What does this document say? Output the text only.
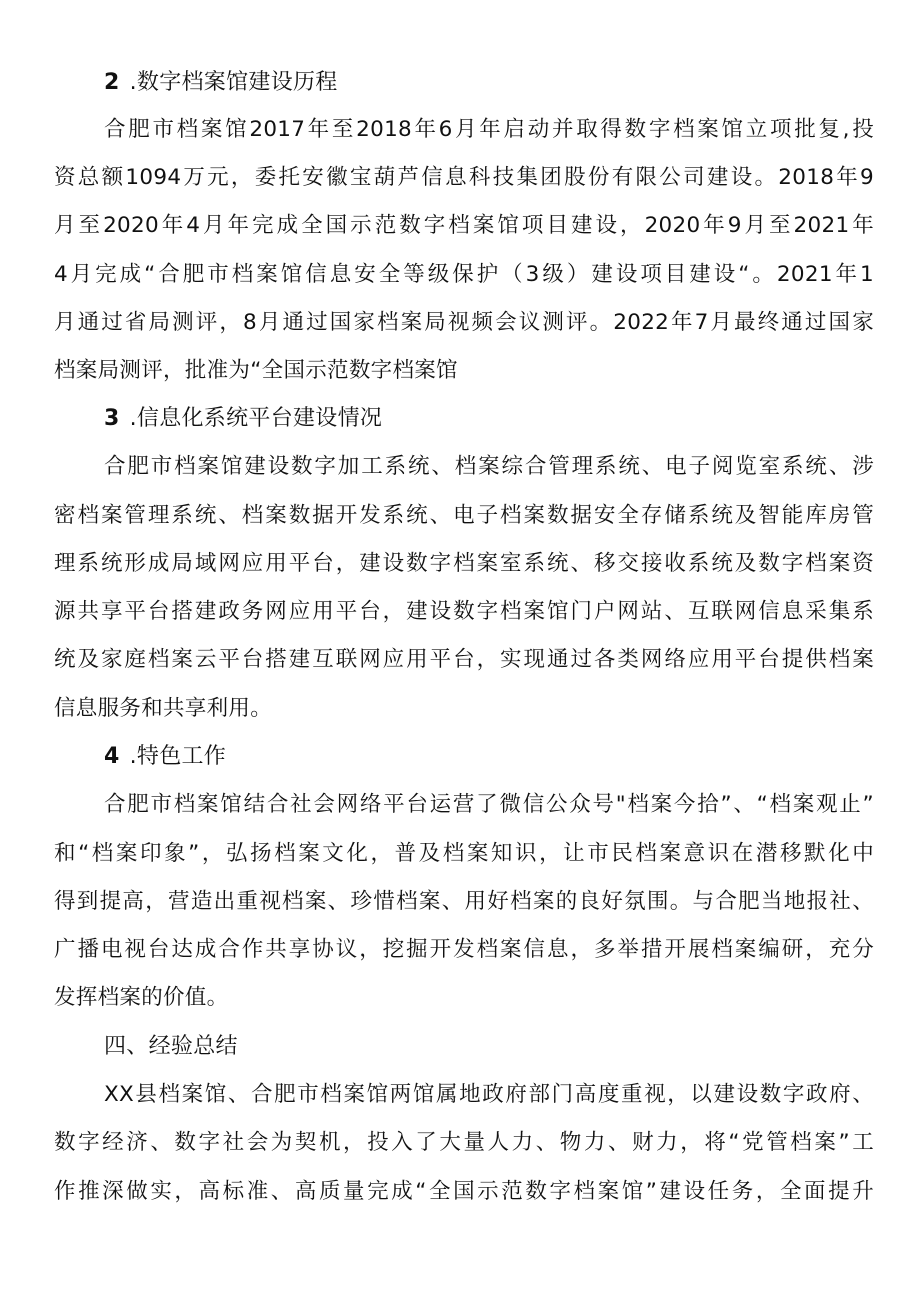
2 .数字档案馆建设历程
合肥市档案馆2017年至2018年6月年启动并取得数字档案馆立项批复,投
资总额1094万元，委托安徽宝葫芦信息科技集团股份有限公司建设。2018年9
月至2020年4月年完成全国示范数字档案馆项目建设，2020年9月至2021年
4月完成“合肥市档案馆信息安全等级保护（3级）建设项目建设“。2021年1
月通过省局测评，8月通过国家档案局视频会议测评。2022年7月最终通过国家
档案局测评，批准为“全国示范数字档案馆
3 .信息化系统平台建设情况
合肥市档案馆建设数字加工系统、档案综合管理系统、电子阅览室系统、涉
密档案管理系统、档案数据开发系统、电子档案数据安全存储系统及智能库房管
理系统形成局域网应用平台，建设数字档案室系统、移交接收系统及数字档案资
源共享平台搭建政务网应用平台，建设数字档案馆门户网站、互联网信息采集系
统及家庭档案云平台搭建互联网应用平台，实现通过各类网络应用平台提供档案
信息服务和共享利用。
4 .特色工作
合肥市档案馆结合社会网络平台运营了微信公众号"档案今拾”、“档案观止”
和“档案印象”，弘扬档案文化，普及档案知识，让市民档案意识在潜移默化中
得到提高，营造出重视档案、珍惜档案、用好档案的良好氛围。与合肥当地报社、
广播电视台达成合作共享协议，挖掘开发档案信息，多举措开展档案编研，充分
发挥档案的价值。
四、经验总结
XX县档案馆、合肥市档案馆两馆属地政府部门高度重视，以建设数字政府、
数字经济、数字社会为契机，投入了大量人力、物力、财力，将“党管档案”工
作推深做实，高标准、高质量完成“全国示范数字档案馆”建设任务，全面提升
